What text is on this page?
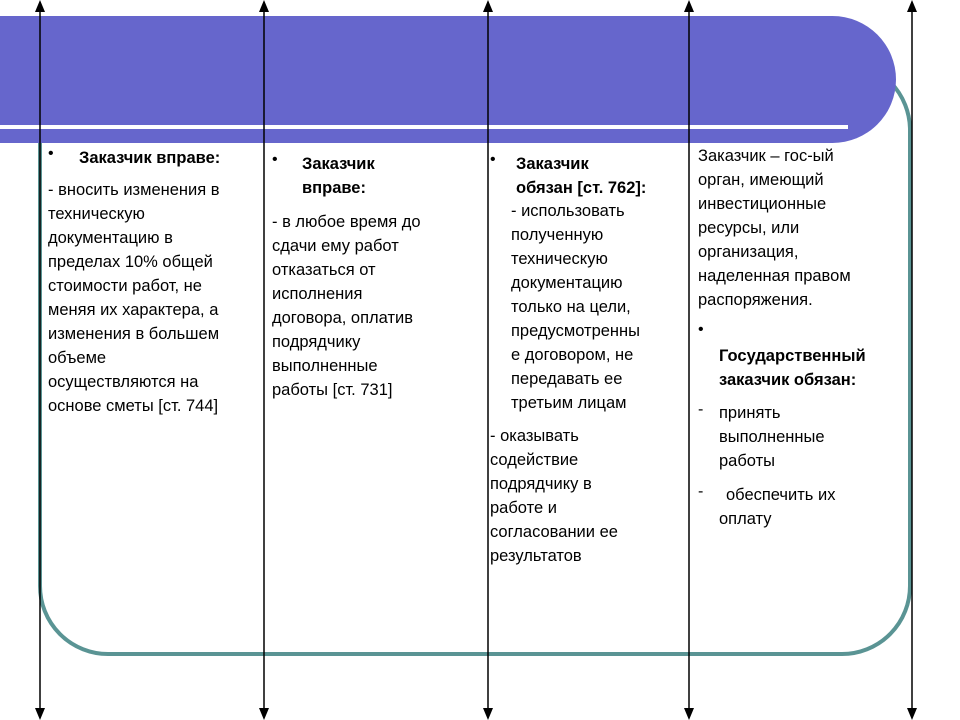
• Заказчик вправе:

- вносить изменения в

техническую

документацию в

пределах 10% общей

стоимости работ, не

меняя их характера, а

изменения в большем

объеме

осуществляются на

основе сметы [ст. 744]

• Заказчик

вправе:

- в любое время до

сдачи ему работ

отказаться от

исполнения

договора, оплатив

подрядчику

выполненные

работы [ст. 731]

• Заказчик

обязан [ст. 762]:

- использовать

полученную

техническую

документацию

только на цели,

предусмотренны

е договором, не

передавать ее

третьим лицам

- оказывать

содействие

подрядчику в

работе и

согласовании ее

результатов

Заказчик – гос-ый

орган, имеющий

инвестиционные

ресурсы, или

организация,

наделенная правом

распоряжения.

•

Государственный

заказчик обязан:

- принять

выполненные

работы

- обеспечить их

оплату
